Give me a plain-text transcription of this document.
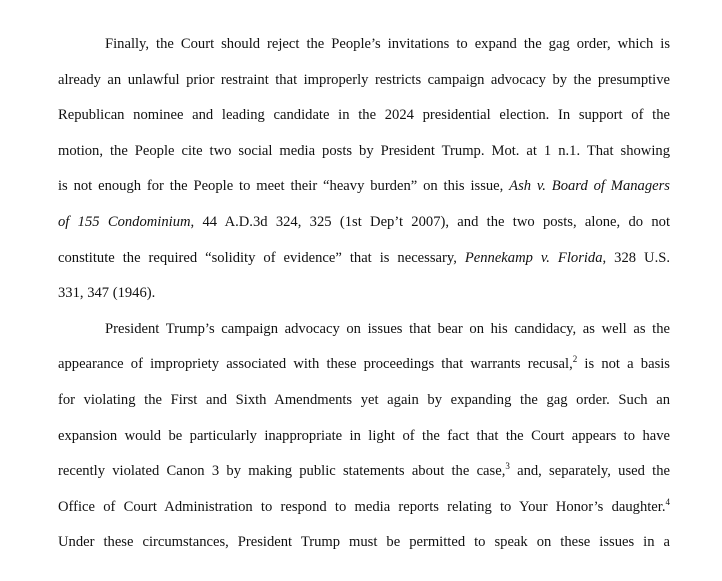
Finally, the Court should reject the People’s invitations to expand the gag order, which is
already an unlawful prior restraint that improperly restricts campaign advocacy by the presumptive
Republican nominee and leading candidate in the 2024 presidential election. In support of the
motion, the People cite two social media posts by President Trump. Mot. at 1 n.1. That showing
is not enough for the People to meet their “heavy burden” on this issue, Ash v. Board of Managers
of 155 Condominium, 44 A.D.3d 324, 325 (1st Dep’t 2007), and the two posts, alone, do not
constitute the required “solidity of evidence” that is necessary, Pennekamp v. Florida, 328 U.S.
331, 347 (1946).
President Trump’s campaign advocacy on issues that bear on his candidacy, as well as the
appearance of impropriety associated with these proceedings that warrants recusal,$^2$ is not a basis
for violating the First and Sixth Amendments yet again by expanding the gag order. Such an
expansion would be particularly inappropriate in light of the fact that the Court appears to have
recently violated Canon 3 by making public statements about the case,$^3$ and, separately, used the
Office of Court Administration to respond to media reports relating to Your Honor’s daughter.$^4$
Under these circumstances, President Trump must be permitted to speak on these issues in a
